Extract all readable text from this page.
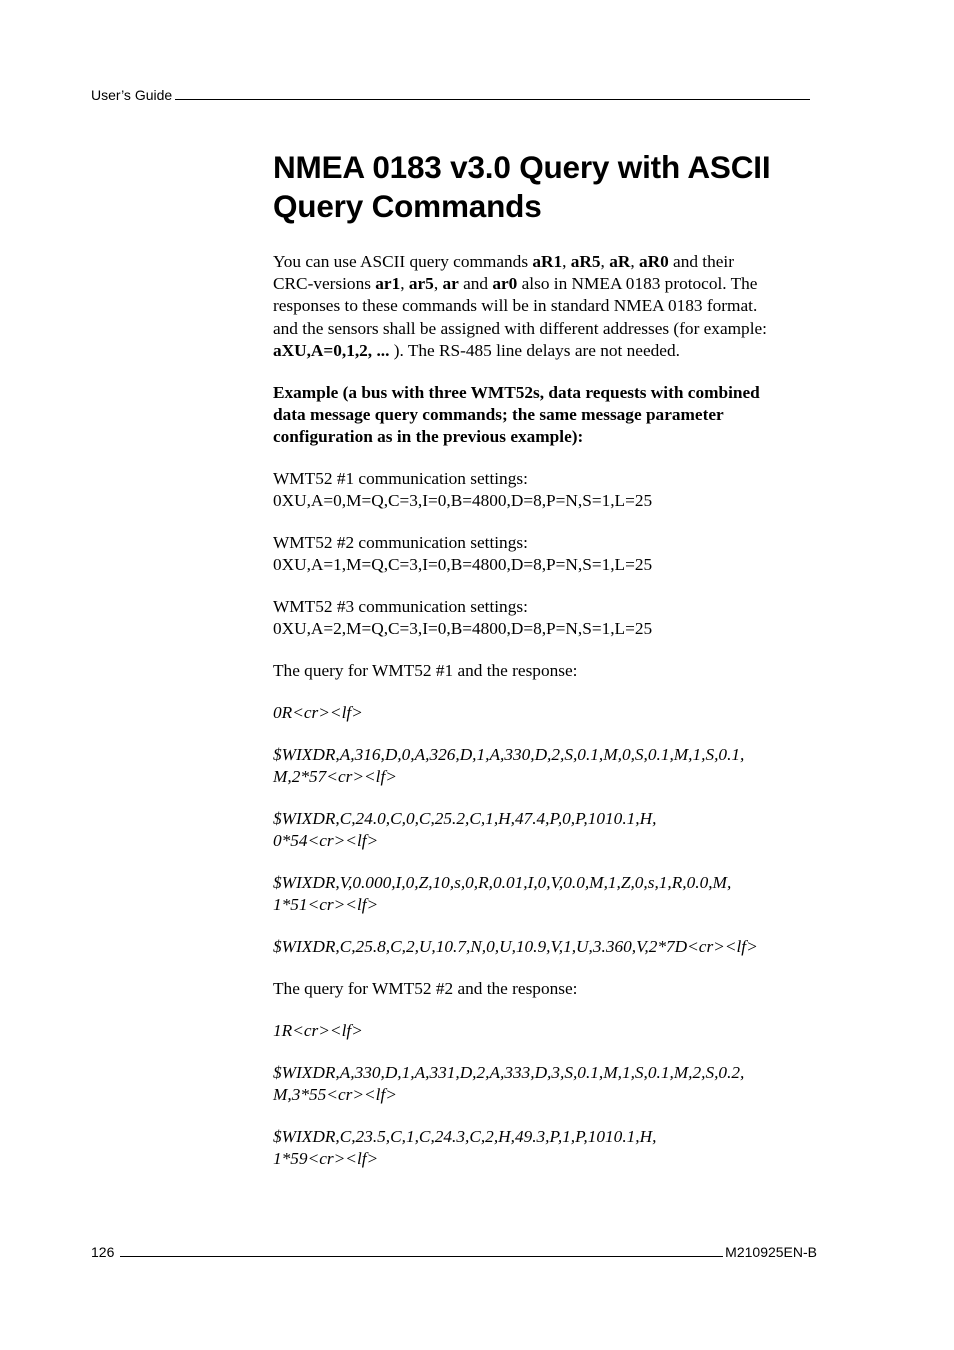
User’s Guide
NMEA 0183 v3.0 Query with ASCII
Query Commands

You can use ASCII query commands aR1, aR5, aR, aR0 and their
CRC-versions ar1, ar5, ar and ar0 also in NMEA 0183 protocol. The
responses to these commands will be in standard NMEA 0183 format.
and the sensors shall be assigned with different addresses (for example:
aXU,A=0,1,2, ... ). The RS-485 line delays are not needed.

Example (a bus with three WMT52s, data requests with combined
data message query commands; the same message parameter
configuration as in the previous example):

WMT52 #1 communication settings:
0XU,A=0,M=Q,C=3,I=0,B=4800,D=8,P=N,S=1,L=25

WMT52 #2 communication settings:
0XU,A=1,M=Q,C=3,I=0,B=4800,D=8,P=N,S=1,L=25

WMT52 #3 communication settings:
0XU,A=2,M=Q,C=3,I=0,B=4800,D=8,P=N,S=1,L=25

The query for WMT52 #1 and the response:

0R<cr><lf>

$WIXDR,A,316,D,0,A,326,D,1,A,330,D,2,S,0.1,M,0,S,0.1,M,1,S,0.1,
M,2*57<cr><lf>

$WIXDR,C,24.0,C,0,C,25.2,C,1,H,47.4,P,0,P,1010.1,H,
0*54<cr><lf>

$WIXDR,V,0.000,I,0,Z,10,s,0,R,0.01,I,0,V,0.0,M,1,Z,0,s,1,R,0.0,M,
1*51<cr><lf>

$WIXDR,C,25.8,C,2,U,10.7,N,0,U,10.9,V,1,U,3.360,V,2*7D<cr><lf>

The query for WMT52 #2 and the response:

1R<cr><lf>

$WIXDR,A,330,D,1,A,331,D,2,A,333,D,3,S,0.1,M,1,S,0.1,M,2,S,0.2,
M,3*55<cr><lf>

$WIXDR,C,23.5,C,1,C,24.3,C,2,H,49.3,P,1,P,1010.1,H,
1*59<cr><lf>

126	M210925EN-B
